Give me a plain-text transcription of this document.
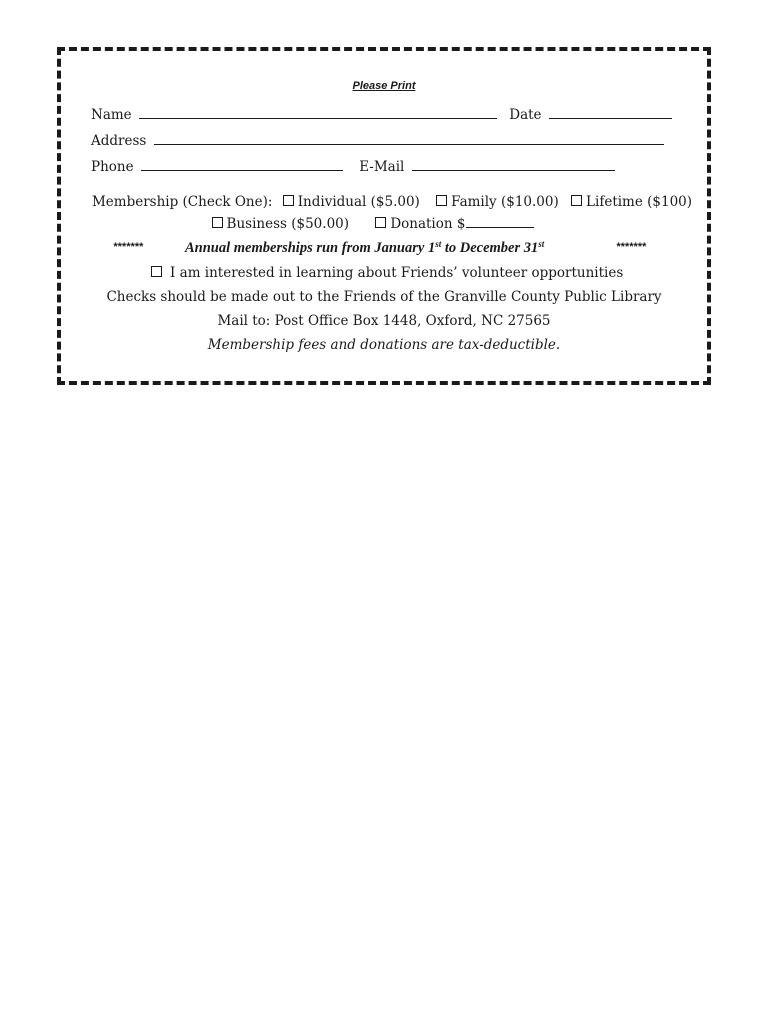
Please Print
Name	Date
Address
Phone	E-Mail
Membership (Check One): Individual ($5.00) Family ($10.00) Lifetime ($100)
Business ($50.00)	Donation $
*******	Annual memberships run from January 1st to December 31st	*******
I am interested in learning about Friends’ volunteer opportunities
Checks should be made out to the Friends of the Granville County Public Library
Mail to: Post Office Box 1448, Oxford, NC 27565
Membership fees and donations are tax-deductible.
